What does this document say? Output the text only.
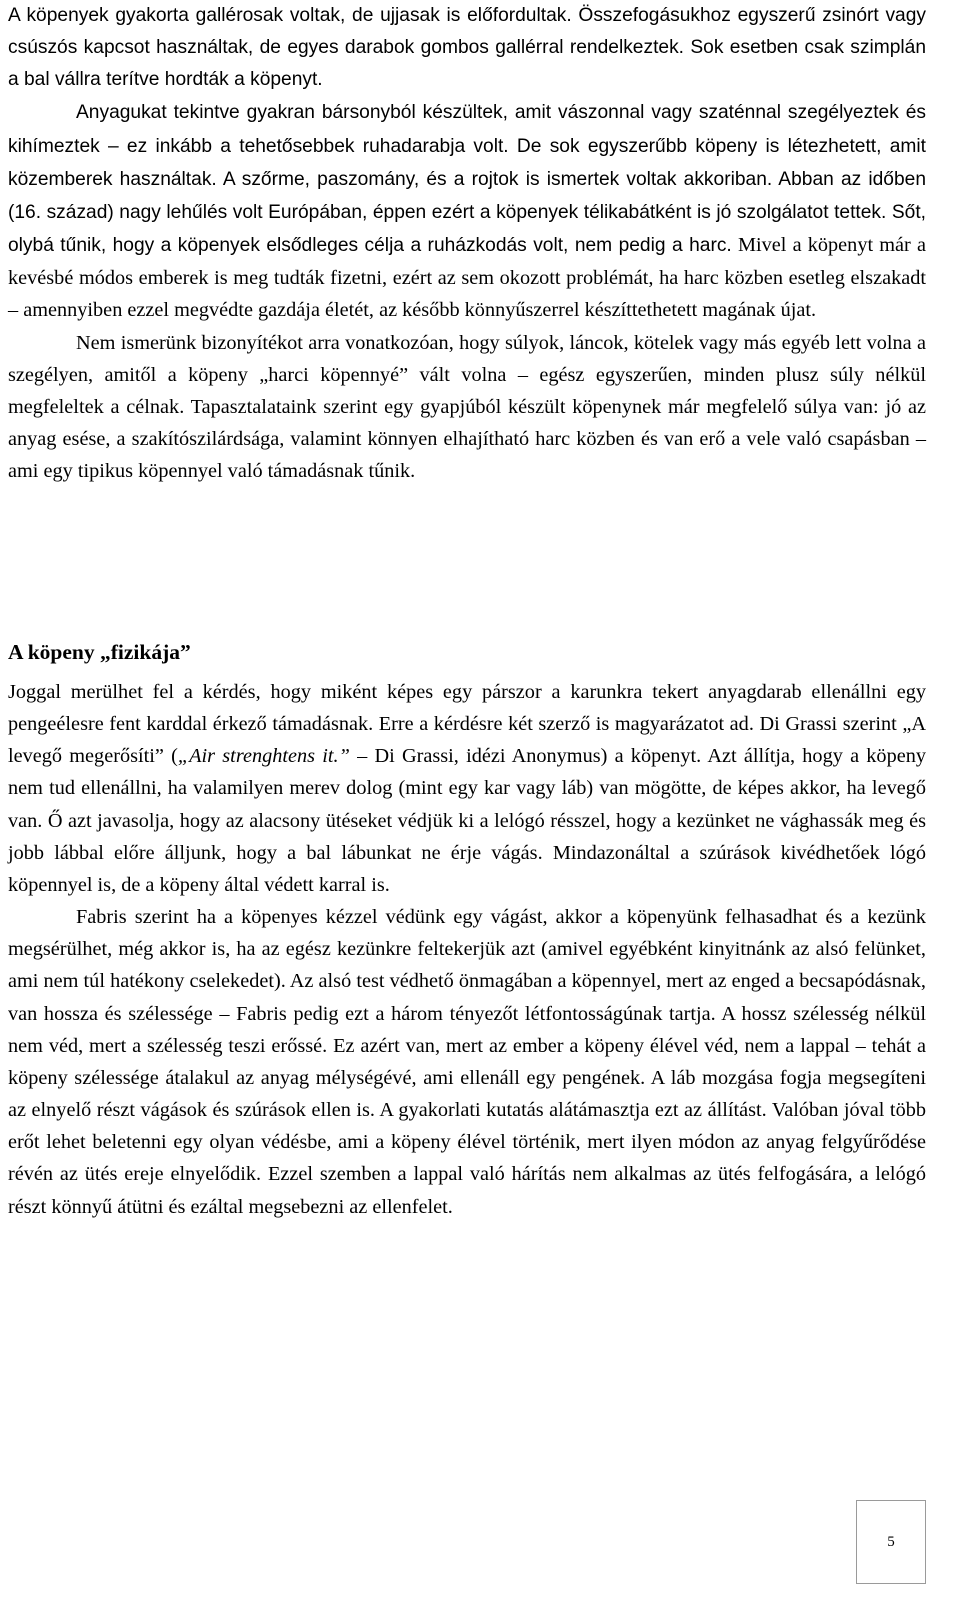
A köpenyek gyakorta gallérosak voltak, de ujjasak is előfordultak. Összefogásukhoz egyszerű zsinórt vagy csúszós kapcsot használtak, de egyes darabok gombos gallérral rendelkeztek. Sok esetben csak szimplán a bal vállra terítve hordták a köpenyt.

Anyagukat tekintve gyakran bársonyból készültek, amit vászonnal vagy szaténnal szegélyeztek és kihímeztek – ez inkább a tehetősebbek ruhadarabja volt. De sok egyszerűbb köpeny is létezhetett, amit közemberek használtak. A szőrme, paszomány, és a rojtok is ismertek voltak akkoriban. Abban az időben (16. század) nagy lehűlés volt Európában, éppen ezért a köpenyek télikabátként is jó szolgálatot tettek. Sőt, olybá tűnik, hogy a köpenyek elsődleges célja a ruházkodás volt, nem pedig a harc. Mivel a köpenyt már a kevésbé módos emberek is meg tudták fizetni, ezért az sem okozott problémát, ha harc közben esetleg elszakadt – amennyiben ezzel megvédte gazdája életét, az később könnyűszerrel készíttethetett magának újat.

Nem ismerünk bizonyítékot arra vonatkozóan, hogy súlyok, láncok, kötelek vagy más egyéb lett volna a szegélyen, amitől a köpeny „harci köpennyé” vált volna – egész egyszerűen, minden plusz súly nélkül megfeleltek a célnak. Tapasztalataink szerint egy gyapjúból készült köpenynek már megfelelő súlya van: jó az anyag esése, a szakítószilárdsága, valamint könnyen elhajítható harc közben és van erő a vele való csapásban – ami egy tipikus köpennyel való támadásnak tűnik.

A köpeny „fizikája”

Joggal merülhet fel a kérdés, hogy miként képes egy párszor a karunkra tekert anyagdarab ellenállni egy pengeélesre fent karddal érkező támadásnak. Erre a kérdésre két szerző is magyarázatot ad. Di Grassi szerint „A levegő megerősíti” („Air strenghtens it.” – Di Grassi, idézi Anonymus) a köpenyt. Azt állítja, hogy a köpeny nem tud ellenállni, ha valamilyen merev dolog (mint egy kar vagy láb) van mögötte, de képes akkor, ha levegő van. Ő azt javasolja, hogy az alacsony ütéseket védjük ki a lelógó résszel, hogy a kezünket ne vághassák meg és jobb lábbal előre álljunk, hogy a bal lábunkat ne érje vágás. Mindazonáltal a szúrások kivédhetőek lógó köpennyel is, de a köpeny által védett karral is.

Fabris szerint ha a köpenyes kézzel védünk egy vágást, akkor a köpenyünk felhasadhat és a kezünk megsérülhet, még akkor is, ha az egész kezünkre feltekerjük azt (amivel egyébként kinyitnánk az alsó felünket, ami nem túl hatékony cselekedet). Az alsó test védhető önmagában a köpennyel, mert az enged a becsapódásnak, van hossza és szélessége – Fabris pedig ezt a három tényezőt létfontosságúnak tartja. A hossz szélesség nélkül nem véd, mert a szélesség teszi erőssé. Ez azért van, mert az ember a köpeny élével véd, nem a lappal – tehát a köpeny szélessége átalakul az anyag mélységévé, ami ellenáll egy pengének. A láb mozgása fogja megsegíteni az elnyelő részt vágások és szúrások ellen is. A gyakorlati kutatás alátámasztja ezt az állítást. Valóban jóval több erőt lehet beletenni egy olyan védésbe, ami a köpeny élével történik, mert ilyen módon az anyag felgyűrődése révén az ütés ereje elnyelődik. Ezzel szemben a lappal való hárítás nem alkalmas az ütés felfogására, a lelógó részt könnyű átütni és ezáltal megsebezni az ellenfelet.

5
